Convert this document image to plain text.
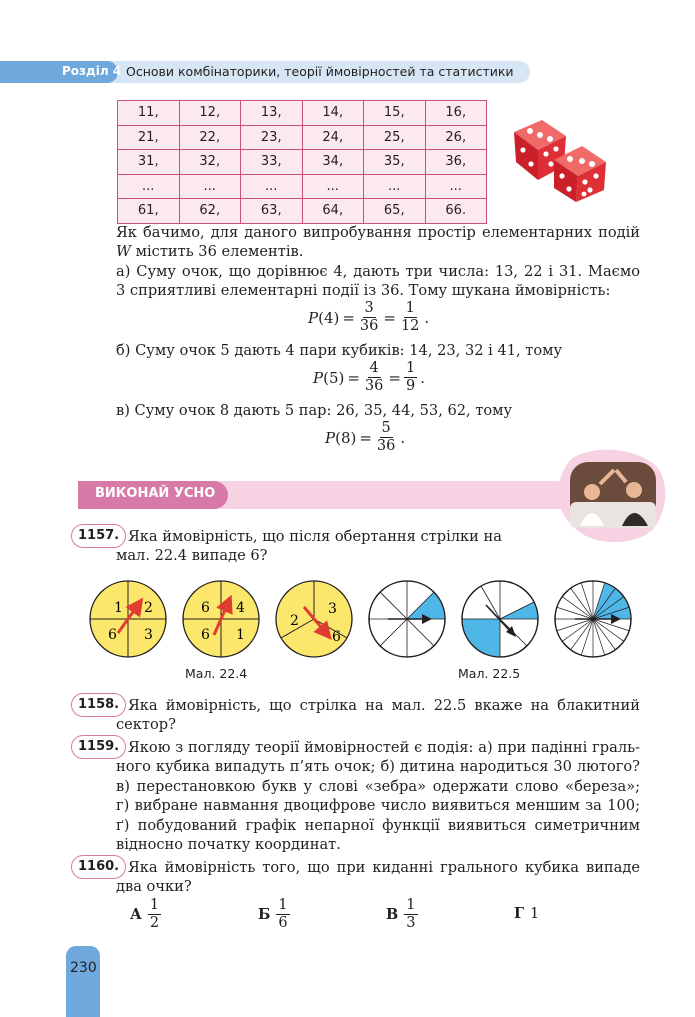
Розділ 4 Основи комбінаторики, теорії ймовірностей та статистики
11,	12,	13,	14,	15,	16,
21,	22,	23,	24,	25,	26,
31,	32,	33,	34,	35,	36,
...	...	...	...	...	...
61,	62,	63,	64,	65,	66.
Як бачимо, для даного випробування простір елементарних подій
W містить 36 елементів.
а) Суму очок, що дорівнює 4, дають три числа: 13, 22 і 31. Маємо
3 сприятливі елементарні події із 36. Тому шукана ймовірність:
$P(4) = \frac{3}{36} = \frac{1}{12}$ .
б) Суму очок 5 дають 4 пари кубиків: 14, 23, 32 і 41, тому
$P(5) = \frac{4}{36} = \frac{1}{9}$ .
в) Суму очок 8 дають 5 пар: 26, 35, 44, 53, 62, тому
$P(8) = \frac{5}{36}$ .
ВИКОНАЙ УСНО
1157. Яка ймовірність, що після обертання стрілки на
мал. 22.4 випаде 6?
1 2
6 3
6 4
6 1
2
3
6
Мал. 22.4	Мал. 22.5
1158. Яка ймовірність, що стрілка на мал. 22.5 вкаже на блакитний
сектор?
1159. Якою з погляду теорії ймовірностей є подія: а) при падінні граль-
ного кубика випадуть п’ять очок; б) дитина народиться 30 лютого?
в) перестановкою букв у слові «зебра» одержати слово «береза»;
г) вибране навмання двоцифрове число виявиться меншим за 100;
ґ) побудований графік непарної функції виявиться симетричним
відносно початку координат.
1160. Яка ймовірність того, що при киданні грального кубика випаде
два очки?
А $\frac{1}{2}$	Б $\frac{1}{6}$	В $\frac{1}{3}$	Г 1
230
